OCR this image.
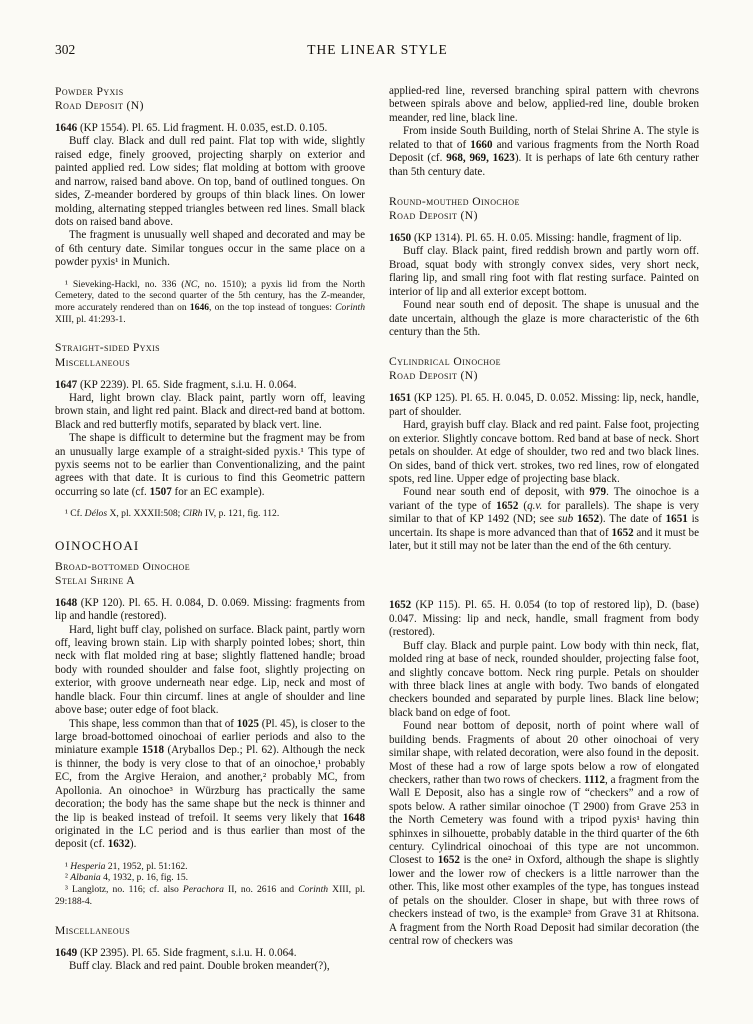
302	THE LINEAR STYLE
Powder Pyxis
Road Deposit (N)
1646 (KP 1554). Pl. 65. Lid fragment. H. 0.035, est.D. 0.105.
Buff clay. Black and dull red paint. Flat top with wide, slightly raised edge, finely grooved, projecting sharply on exterior and painted applied red. Low sides; flat molding at bottom with groove and narrow, raised band above. On top, band of outlined tongues. On sides, Z-meander bordered by groups of thin black lines. On lower molding, alternating stepped triangles between red lines. Small black dots on raised band above.
The fragment is unusually well shaped and decorated and may be of 6th century date. Similar tongues occur in the same place on a powder pyxis¹ in Munich.
¹ Sieveking-Hackl, no. 336 (NC, no. 1510); a pyxis lid from the North Cemetery, dated to the second quarter of the 5th century, has the Z-meander, more accurately rendered than on 1646, on the top instead of tongues: Corinth XIII, pl. 41:293-1.
Straight-sided Pyxis
Miscellaneous
1647 (KP 2239). Pl. 65. Side fragment, s.i.u. H. 0.064.
Hard, light brown clay. Black paint, partly worn off, leaving brown stain, and light red paint. Black and direct-red band at bottom. Black and red butterfly motifs, separated by black vert. line.
The shape is difficult to determine but the fragment may be from an unusually large example of a straight-sided pyxis.¹ This type of pyxis seems not to be earlier than Conventionalizing, and the paint agrees with that date. It is curious to find this Geometric pattern occurring so late (cf. 1507 for an EC example).
¹ Cf. Délos X, pl. XXXII:508; ClRh IV, p. 121, fig. 112.
OINOCHOAI
Broad-bottomed Oinochoe
Stelai Shrine A
1648 (KP 120). Pl. 65. H. 0.084, D. 0.069. Missing: fragments from lip and handle (restored).
Hard, light buff clay, polished on surface. Black paint, partly worn off, leaving brown stain. Lip with sharply pointed lobes; short, thin neck with flat molded ring at base; slightly flattened handle; broad body with rounded shoulder and false foot, slightly projecting on exterior, with groove underneath near edge. Lip, neck and most of handle black. Four thin circumf. lines at angle of shoulder and line above base; outer edge of foot black.
This shape, less common than that of 1025 (Pl. 45), is closer to the large broad-bottomed oinochoai of earlier periods and also to the miniature example 1518 (Aryballos Dep.; Pl. 62). Although the neck is thinner, the body is very close to that of an oinochoe,¹ probably EC, from the Argive Heraion, and another,² probably MC, from Apollonia. An oinochoe³ in Würzburg has practically the same decoration; the body has the same shape but the neck is thinner and the lip is beaked instead of trefoil. It seems very likely that 1648 originated in the LC period and is thus earlier than most of the deposit (cf. 1632).
¹ Hesperia 21, 1952, pl. 51:162.
² Albania 4, 1932, p. 16, fig. 15.
³ Langlotz, no. 116; cf. also Perachora II, no. 2616 and Corinth XIII, pl. 29:188-4.
Miscellaneous
1649 (KP 2395). Pl. 65. Side fragment, s.i.u. H. 0.064.
Buff clay. Black and red paint. Double broken meander(?),
applied-red line, reversed branching spiral pattern with chevrons between spirals above and below, applied-red line, double broken meander, red line, black line.
From inside South Building, north of Stelai Shrine A. The style is related to that of 1660 and various fragments from the North Road Deposit (cf. 968, 969, 1623). It is perhaps of late 6th century rather than 5th century date.
Round-mouthed Oinochoe
Road Deposit (N)
1650 (KP 1314). Pl. 65. H. 0.05. Missing: handle, fragment of lip.
Buff clay. Black paint, fired reddish brown and partly worn off. Broad, squat body with strongly convex sides, very short neck, flaring lip, and small ring foot with flat resting surface. Painted on interior of lip and all exterior except bottom.
Found near south end of deposit. The shape is unusual and the date uncertain, although the glaze is more characteristic of the 6th century than the 5th.
Cylindrical Oinochoe
Road Deposit (N)
1651 (KP 125). Pl. 65. H. 0.045, D. 0.052. Missing: lip, neck, handle, part of shoulder.
Hard, grayish buff clay. Black and red paint. False foot, projecting on exterior. Slightly concave bottom. Red band at base of neck. Short petals on shoulder. At edge of shoulder, two red and two black lines. On sides, band of thick vert. strokes, two red lines, row of elongated spots, red line. Upper edge of projecting base black.
Found near south end of deposit, with 979. The oinochoe is a variant of the type of 1652 (q.v. for parallels). The shape is very similar to that of KP 1492 (ND; see sub 1652). The date of 1651 is uncertain. Its shape is more advanced than that of 1652 and it must be later, but it still may not be later than the end of the 6th century.
1652 (KP 115). Pl. 65. H. 0.054 (to top of restored lip), D. (base) 0.047. Missing: lip and neck, handle, small fragment from body (restored).
Buff clay. Black and purple paint. Low body with thin neck, flat, molded ring at base of neck, rounded shoulder, projecting false foot, and slightly concave bottom. Neck ring purple. Petals on shoulder with three black lines at angle with body. Two bands of elongated checkers bounded and separated by purple lines. Black line below; black band on edge of foot.
Found near bottom of deposit, north of point where wall of building bends. Fragments of about 20 other oinochoai of very similar shape, with related decoration, were also found in the deposit. Most of these had a row of large spots below a row of elongated checkers, rather than two rows of checkers. 1112, a fragment from the Wall E Deposit, also has a single row of “checkers” and a row of spots below. A rather similar oinochoe (T 2900) from Grave 253 in the North Cemetery was found with a tripod pyxis¹ having thin sphinxes in silhouette, probably datable in the third quarter of the 6th century. Cylindrical oinochoai of this type are not uncommon. Closest to 1652 is the one² in Oxford, although the shape is slightly lower and the lower row of checkers is a little narrower than the other. This, like most other examples of the type, has tongues instead of petals on the shoulder. Closer in shape, but with three rows of checkers instead of two, is the example³ from Grave 31 at Rhitsona. A fragment from the North Road Deposit had similar decoration (the central row of checkers was
